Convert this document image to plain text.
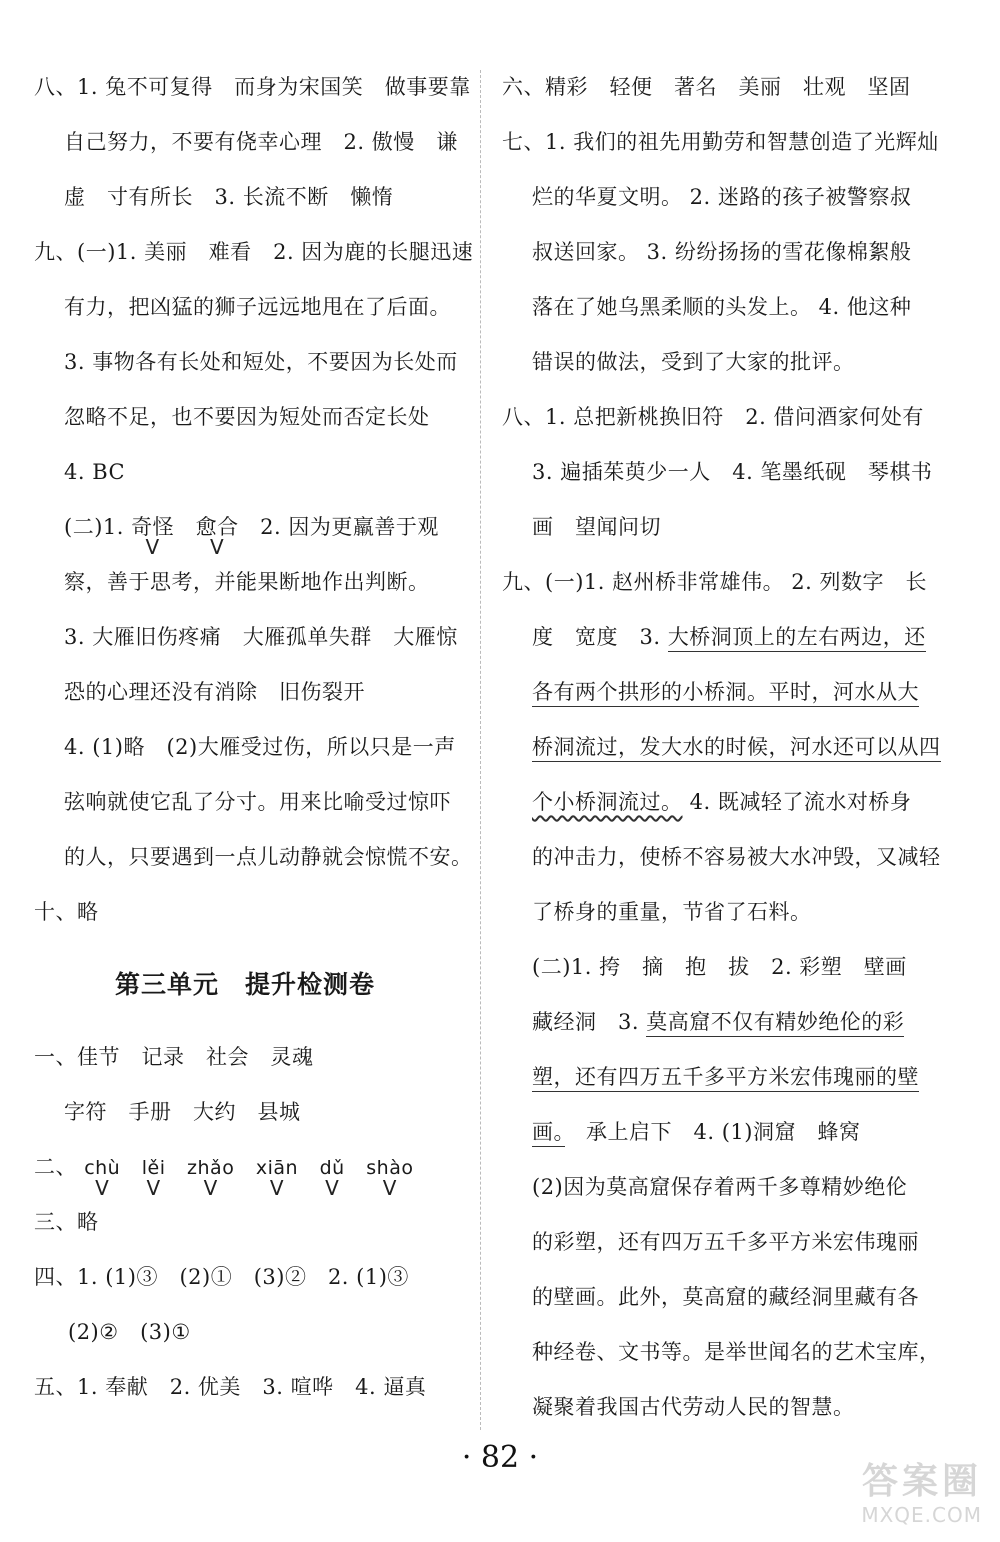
八、1. 兔不可复得　而身为宋国笑　做事要靠
自己努力，不要有侥幸心理　2. 傲慢　谦
虚　寸有所长　3. 长流不断　懒惰
九、(一)1. 美丽　难看　2. 因为鹿的长腿迅速
有力，把凶猛的狮子远远地甩在了后面。
3. 事物各有长处和短处，不要因为长处而
忽略不足，也不要因为短处而否定长处
4. BC
(二)1. 奇怪 V　 愈合 V　2. 因为更羸善于观
察，善于思考，并能果断地作出判断。
3. 大雁旧伤疼痛　大雁孤单失群　大雁惊
恐的心理还没有消除　旧伤裂开
4. (1)略　(2)大雁受过伤，所以只是一声
弦响就使它乱了分寸。用来比喻受过惊吓
的人，只要遇到一点儿动静就会惊慌不安。
十、略
第三单元　提升检测卷
一、佳节　记录　社会　灵魂
字符　手册　大约　县城
二、 chù V lěi V zhǎo V xiān V dǔ V shào V
三、略
四、1. (1)③　(2)①　(3)②　2. (1)③
(2)②　(3)①
五、1. 奉献　2. 优美　3. 喧哗　4. 逼真
六、精彩　轻便　著名　美丽　壮观　坚固
七、1. 我们的祖先用勤劳和智慧创造了光辉灿
烂的华夏文明。 2. 迷路的孩子被警察叔
叔送回家。 3. 纷纷扬扬的雪花像棉絮般
落在了她乌黑柔顺的头发上。 4. 他这种
错误的做法，受到了大家的批评。
八、1. 总把新桃换旧符　2. 借问酒家何处有
3. 遍插茱萸少一人　4. 笔墨纸砚　琴棋书
画　望闻问切
九、(一)1. 赵州桥非常雄伟。 2. 列数字　长
度　宽度　3. 大桥洞顶上的左右两边，还
各有两个拱形的小桥洞。平时，河水从大
桥洞流过，发大水的时候，河水还可以从四
个小桥洞流过。 4. 既减轻了流水对桥身
的冲击力，使桥不容易被大水冲毁，又减轻
了桥身的重量，节省了石料。
(二)1. 挎　摘　抱　拔　2. 彩塑　壁画
藏经洞　3. 莫高窟不仅有精妙绝伦的彩
塑，还有四万五千多平方米宏伟瑰丽的壁
画。　承上启下　4. (1)洞窟　蜂窝
(2)因为莫高窟保存着两千多尊精妙绝伦
的彩塑，还有四万五千多平方米宏伟瑰丽
的壁画。此外，莫高窟的藏经洞里藏有各
种经卷、文书等。是举世闻名的艺术宝库，
凝聚着我国古代劳动人民的智慧。
· 82 ·
答案圈
MXQE.COM
